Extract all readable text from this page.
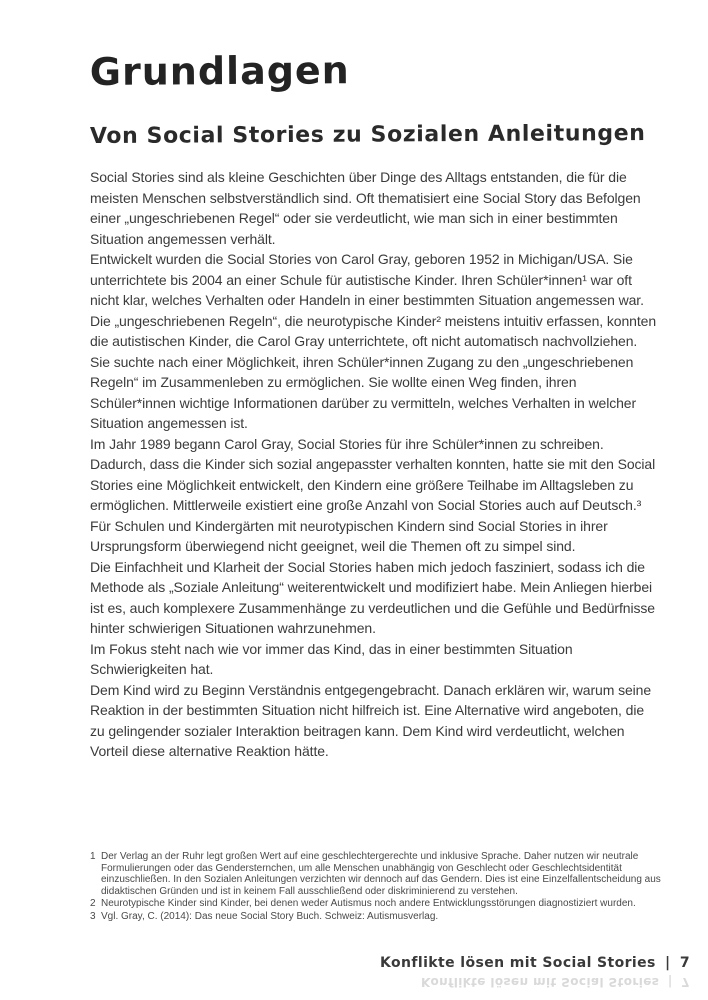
Grundlagen
Von Social Stories zu Sozialen Anleitungen

Social Stories sind als kleine Geschichten über Dinge des Alltags entstanden, die für die meisten Menschen selbstverständlich sind. Oft thematisiert eine Social Story das Befolgen einer „ungeschriebenen Regel“ oder sie verdeutlicht, wie man sich in einer bestimmten Situation angemessen verhält.

Entwickelt wurden die Social Stories von Carol Gray, geboren 1952 in Michigan/USA. Sie unterrichtete bis 2004 an einer Schule für autistische Kinder. Ihren Schüler*innen¹ war oft nicht klar, welches Verhalten oder Handeln in einer bestimmten Situation angemessen war.

Die „ungeschriebenen Regeln“, die neurotypische Kinder² meistens intuitiv erfassen, konnten die autistischen Kinder, die Carol Gray unterrichtete, oft nicht automatisch nachvollziehen.

Sie suchte nach einer Möglichkeit, ihren Schüler*innen Zugang zu den „ungeschriebenen Regeln“ im Zusammenleben zu ermöglichen. Sie wollte einen Weg finden, ihren Schüler*innen wichtige Informationen darüber zu vermitteln, welches Verhalten in welcher Situation angemessen ist.

Im Jahr 1989 begann Carol Gray, Social Stories für ihre Schüler*innen zu schreiben. Dadurch, dass die Kinder sich sozial angepasster verhalten konnten, hatte sie mit den Social Stories eine Möglichkeit entwickelt, den Kindern eine größere Teilhabe im Alltagsleben zu ermöglichen. Mittlerweile existiert eine große Anzahl von Social Stories auch auf Deutsch.³

Für Schulen und Kindergärten mit neurotypischen Kindern sind Social Stories in ihrer Ursprungsform überwiegend nicht geeignet, weil die Themen oft zu simpel sind.

Die Einfachheit und Klarheit der Social Stories haben mich jedoch fasziniert, sodass ich die Methode als „Soziale Anleitung“ weiterentwickelt und modifiziert habe. Mein Anliegen hierbei ist es, auch komplexere Zusammenhänge zu verdeutlichen und die Gefühle und Bedürfnisse hinter schwierigen Situationen wahrzunehmen.

Im Fokus steht nach wie vor immer das Kind, das in einer bestimmten Situation Schwierigkeiten hat.

Dem Kind wird zu Beginn Verständnis entgegengebracht. Danach erklären wir, warum seine Reaktion in der bestimmten Situation nicht hilfreich ist. Eine Alternative wird angeboten, die zu gelingender sozialer Interaktion beitragen kann. Dem Kind wird verdeutlicht, welchen Vorteil diese alternative Reaktion hätte.

1 Der Verlag an der Ruhr legt großen Wert auf eine geschlechtergerechte und inklusive Sprache. Daher nutzen wir neutrale Formulierungen oder das Gendersternchen, um alle Menschen unabhängig von Geschlecht oder Geschlechtsidentität einzuschließen. In den Sozialen Anleitungen verzichten wir dennoch auf das Gendern. Dies ist eine Einzelfallentscheidung aus didaktischen Gründen und ist in keinem Fall ausschließend oder diskriminierend zu verstehen.
2 Neurotypische Kinder sind Kinder, bei denen weder Autismus noch andere Entwicklungsstörungen diagnostiziert wurden.
3 Vgl. Gray, C. (2014): Das neue Social Story Buch. Schweiz: Autismusverlag.
Konflikte lösen mit Social Stories | 7
Konflikte lösen mit Social Stories | 7
